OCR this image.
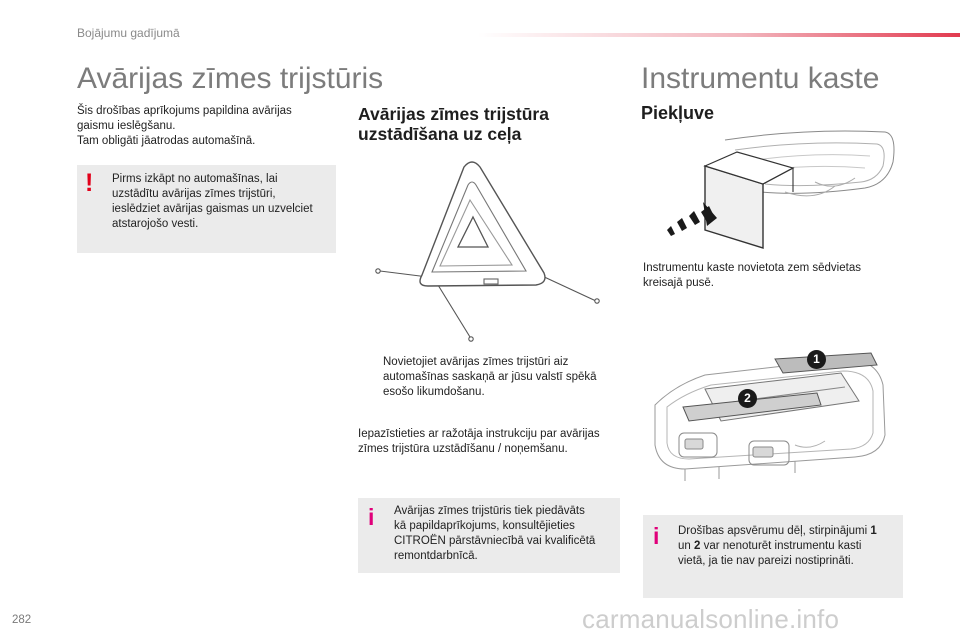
Bojājumu gadījumā
Avārijas zīmes trijstūris
Šis drošības aprīkojums papildina avārijas
gaismu ieslēgšanu.
Tam obligāti jāatrodas automašīnā.
! Pirms izkāpt no automašīnas, lai
uzstādītu avārijas zīmes trijstūri,
ieslēdziet avārijas gaismas un uzvelciet
atstarojošo vesti.
Avārijas zīmes trijstūra
uzstādīšana uz ceļa
Novietojiet avārijas zīmes trijstūri aiz
automašīnas saskaņā ar jūsu valstī spēkā
esošo likumdošanu.
Iepazīstieties ar ražotāja instrukciju par avārijas
zīmes trijstūra uzstādīšanu / noņemšanu.
i Avārijas zīmes trijstūris tiek piedāvāts
kā papildaprīkojums, konsultējieties
CITROËN pārstāvniecībā vai kvalificētā
remontdarbnīcā.
Instrumentu kaste
Piekļuve
Instrumentu kaste novietota zem sēdvietas
kreisajā pusē.
1
2
i Drošības apsvērumu dēļ, stirpinājumi 1
un 2 var nenoturēt instrumentu kasti
vietā, ja tie nav pareizi nostiprināti.
282	carmanualsonline.info
